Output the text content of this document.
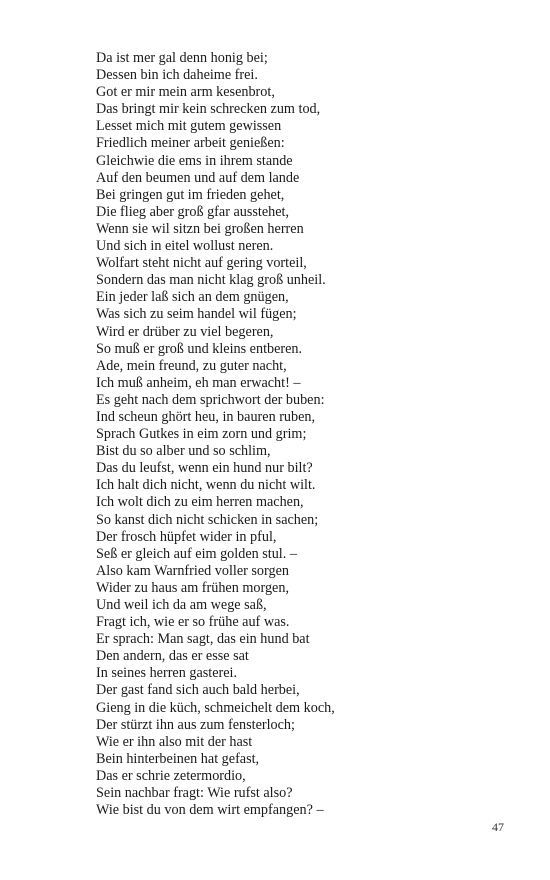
Da ist mer gal denn honig bei;
Dessen bin ich daheime frei.
Got er mir mein arm kesenbrot,
Das bringt mir kein schrecken zum tod,
Lesset mich mit gutem gewissen
Friedlich meiner arbeit genießen:
Gleichwie die ems in ihrem stande
Auf den beumen und auf dem lande
Bei gringen gut im frieden gehet,
Die flieg aber groß gfar ausstehet,
Wenn sie wil sitzn bei großen herren
Und sich in eitel wollust neren.
Wolfart steht nicht auf gering vorteil,
Sondern das man nicht klag groß unheil.
Ein jeder laß sich an dem gnügen,
Was sich zu seim handel wil fügen;
Wird er drüber zu viel begeren,
So muß er groß und kleins entberen.
Ade, mein freund, zu guter nacht,
Ich muß anheim, eh man erwacht! –
Es geht nach dem sprichwort der buben:
Ind scheun ghört heu, in bauren ruben,
Sprach Gutkes in eim zorn und grim;
Bist du so alber und so schlim,
Das du leufst, wenn ein hund nur bilt?
Ich halt dich nicht, wenn du nicht wilt.
Ich wolt dich zu eim herren machen,
So kanst dich nicht schicken in sachen;
Der frosch hüpfet wider in pful,
Seß er gleich auf eim golden stul. –
Also kam Warnfried voller sorgen
Wider zu haus am frühen morgen,
Und weil ich da am wege saß,
Fragt ich, wie er so frühe auf was.
Er sprach: Man sagt, das ein hund bat
Den andern, das er esse sat
In seines herren gasterei.
Der gast fand sich auch bald herbei,
Gieng in die küch, schmeichelt dem koch,
Der stürzt ihn aus zum fensterloch;
Wie er ihn also mit der hast
Bein hinterbeinen hat gefast,
Das er schrie zetermordio,
Sein nachbar fragt: Wie rufst also?
Wie bist du von dem wirt empfangen? –
47
